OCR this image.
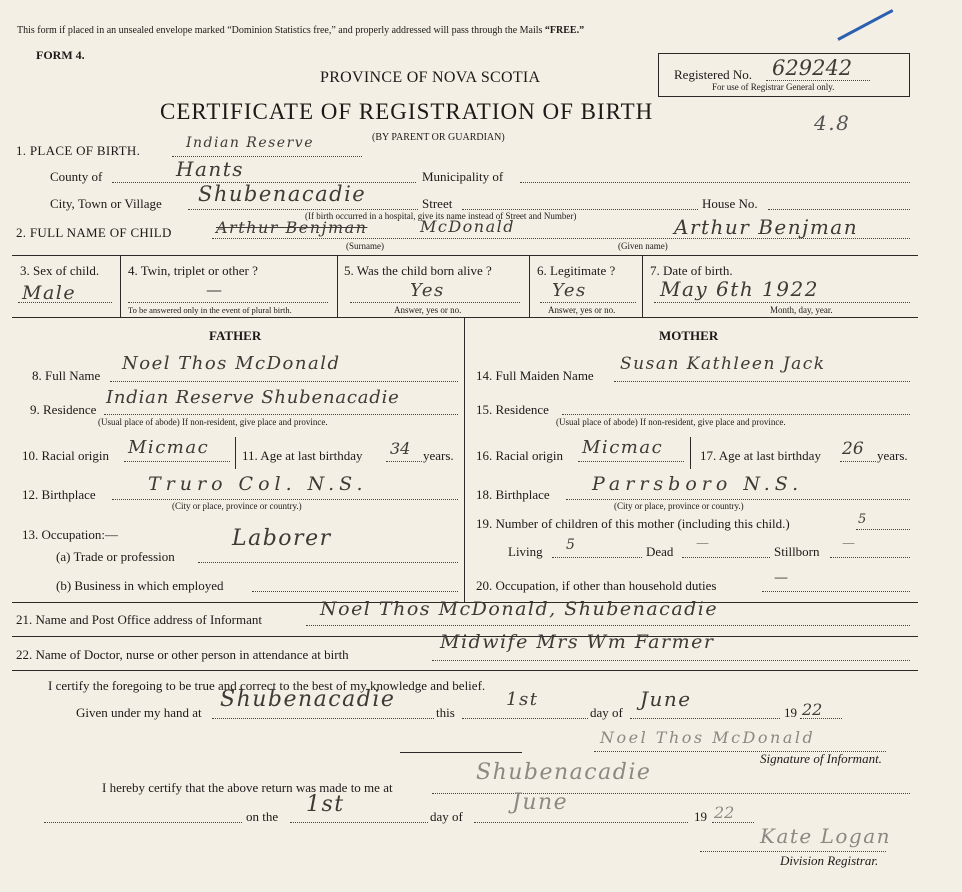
This form if placed in an unsealed envelope marked “Dominion Statistics free,” and properly addressed will pass through the Mails “FREE.”
FORM 4.
PROVINCE OF NOVA SCOTIA
CERTIFICATE OF REGISTRATION OF BIRTH
(BY PARENT OR GUARDIAN)
Registered No. 629242
For use of Registrar General only.
4.8
1. PLACE OF BIRTH.	Indian Reserve
County of	Hants	Municipality of
City, Town or Village Shubenacadie	Street	House No.
(If birth occurred in a hospital, give its name instead of Street and Number)
2. FULL NAME OF CHILD	Arthur Benjman	McDonald	Arthur Benjman
(Surname)	(Given name)
3. Sex of child.
Male
4. Twin, triplet or other ?
—
To be answered only in the event of plural birth.
5. Was the child born alive ?
Yes
Answer, yes or no.
6. Legitimate ?
Yes
Answer, yes or no.
7. Date of birth.
May 6th 1922
Month, day, year.
FATHER	MOTHER
8. Full Name
Noel Thos McDonald
14. Full Maiden Name
Susan Kathleen Jack
9. Residence
Indian Reserve Shubenacadie
(Usual place of abode) If non-resident, give place and province.
15. Residence
(Usual place of abode) If non-resident, give place and province.
10. Racial origin Micmac	11. Age at last birthday 34 years. 16. Racial origin Micmac	17. Age at last birthday 26 years.
12. Birthplace	Truro Col. N.S.
(City or place, province or country.)
18. Birthplace Parrsboro N.S.
(City or place, province or country.)
13. Occupation:—
(a) Trade or profession
Laborer
(b) Business in which employed
19. Number of children of this mother (including this child.)	5
Living 5	Dead
—
Stillborn
—
20. Occupation, if other than household duties	—
21. Name and Post Office address of Informant	Noel Thos McDonald, Shubenacadie
22. Name of Doctor, nurse or other person in attendance at birth
Midwife Mrs Wm Farmer
I certify the foregoing to be true and correct to the best of my knowledge and belief.
Given under my hand at
Shubenacadie
this
1st
day of
June
19 22
Noel Thos McDonald
Signature of Informant.
I hereby certify that the above return was made to me at
Shubenacadie
on the 1st	day of
June
19 22
Kate Logan
Division Registrar.
